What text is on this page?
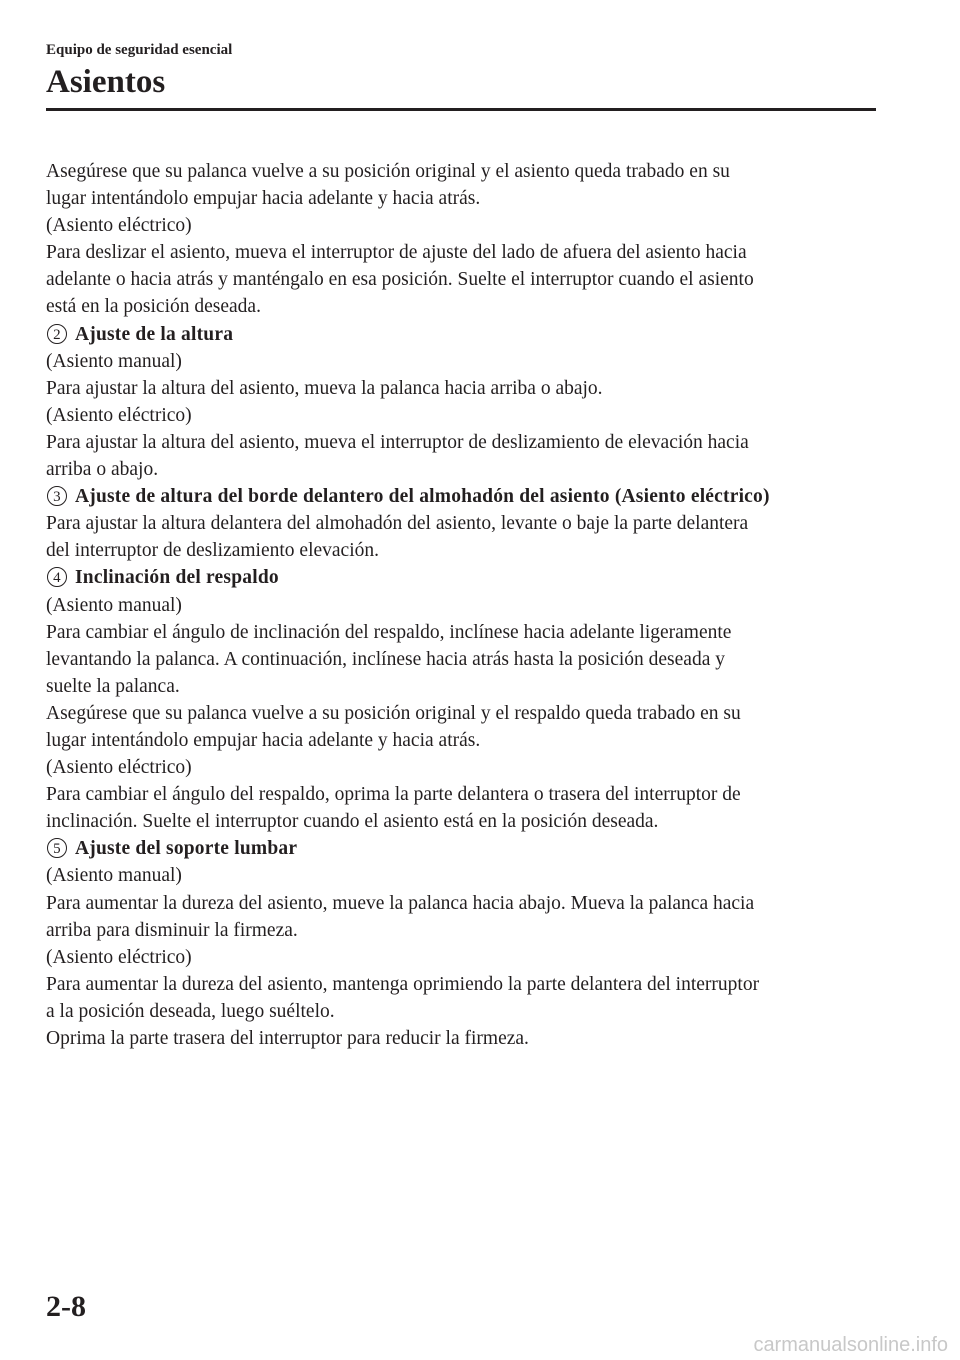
Equipo de seguridad esencial
Asientos

Asegúrese que su palanca vuelve a su posición original y el asiento queda trabado en su

lugar intentándolo empujar hacia adelante y hacia atrás.

(Asiento eléctrico)

Para deslizar el asiento, mueva el interruptor de ajuste del lado de afuera del asiento hacia

adelante o hacia atrás y manténgalo en esa posición. Suelte el interruptor cuando el asiento

está en la posición deseada.

2 Ajuste de la altura

(Asiento manual)

Para ajustar la altura del asiento, mueva la palanca hacia arriba o abajo.

(Asiento eléctrico)

Para ajustar la altura del asiento, mueva el interruptor de deslizamiento de elevación hacia

arriba o abajo.

3 Ajuste de altura del borde delantero del almohadón del asiento (Asiento eléctrico)

Para ajustar la altura delantera del almohadón del asiento, levante o baje la parte delantera

del interruptor de deslizamiento elevación.

4 Inclinación del respaldo

(Asiento manual)

Para cambiar el ángulo de inclinación del respaldo, inclínese hacia adelante ligeramente

levantando la palanca. A continuación, inclínese hacia atrás hasta la posición deseada y

suelte la palanca.

Asegúrese que su palanca vuelve a su posición original y el respaldo queda trabado en su

lugar intentándolo empujar hacia adelante y hacia atrás.

(Asiento eléctrico)

Para cambiar el ángulo del respaldo, oprima la parte delantera o trasera del interruptor de

inclinación. Suelte el interruptor cuando el asiento está en la posición deseada.

5 Ajuste del soporte lumbar

(Asiento manual)

Para aumentar la dureza del asiento, mueve la palanca hacia abajo. Mueva la palanca hacia

arriba para disminuir la firmeza.

(Asiento eléctrico)

Para aumentar la dureza del asiento, mantenga oprimiendo la parte delantera del interruptor

a la posición deseada, luego suéltelo.

Oprima la parte trasera del interruptor para reducir la firmeza.

2-8
carmanualsonline.info
